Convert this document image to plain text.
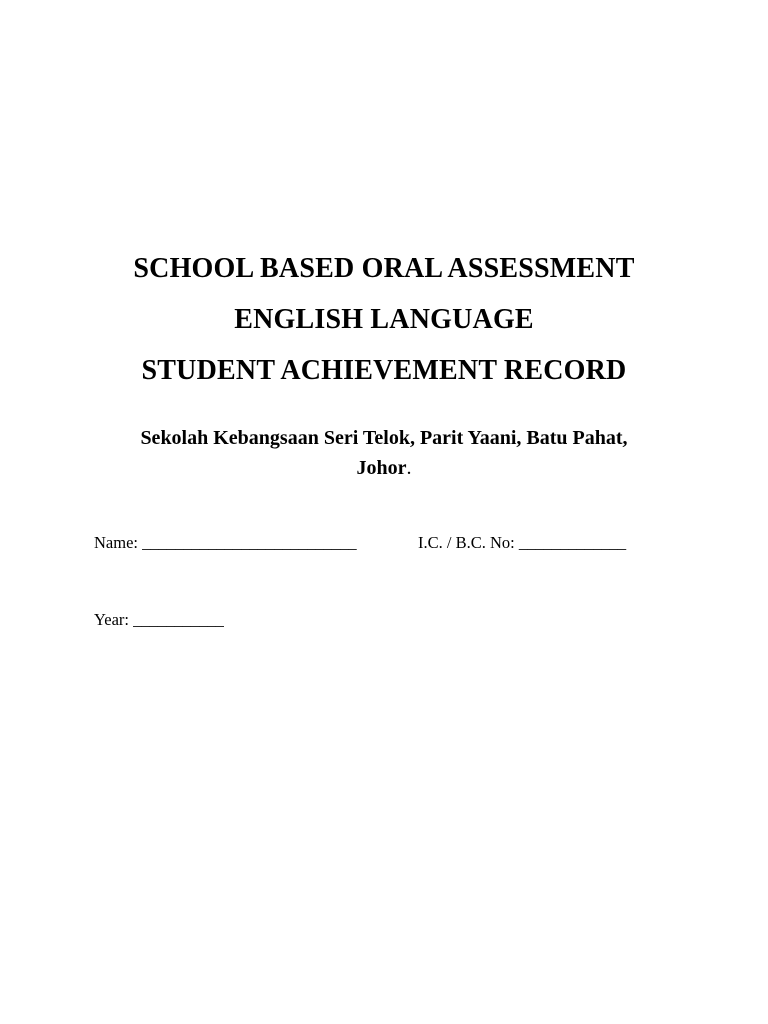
SCHOOL BASED ORAL ASSESSMENT
ENGLISH LANGUAGE
STUDENT ACHIEVEMENT RECORD
Sekolah Kebangsaan Seri Telok, Parit Yaani, Batu Pahat,
Johor.
Name: __________________________	I.C. / B.C. No: _____________
Year: ___________
